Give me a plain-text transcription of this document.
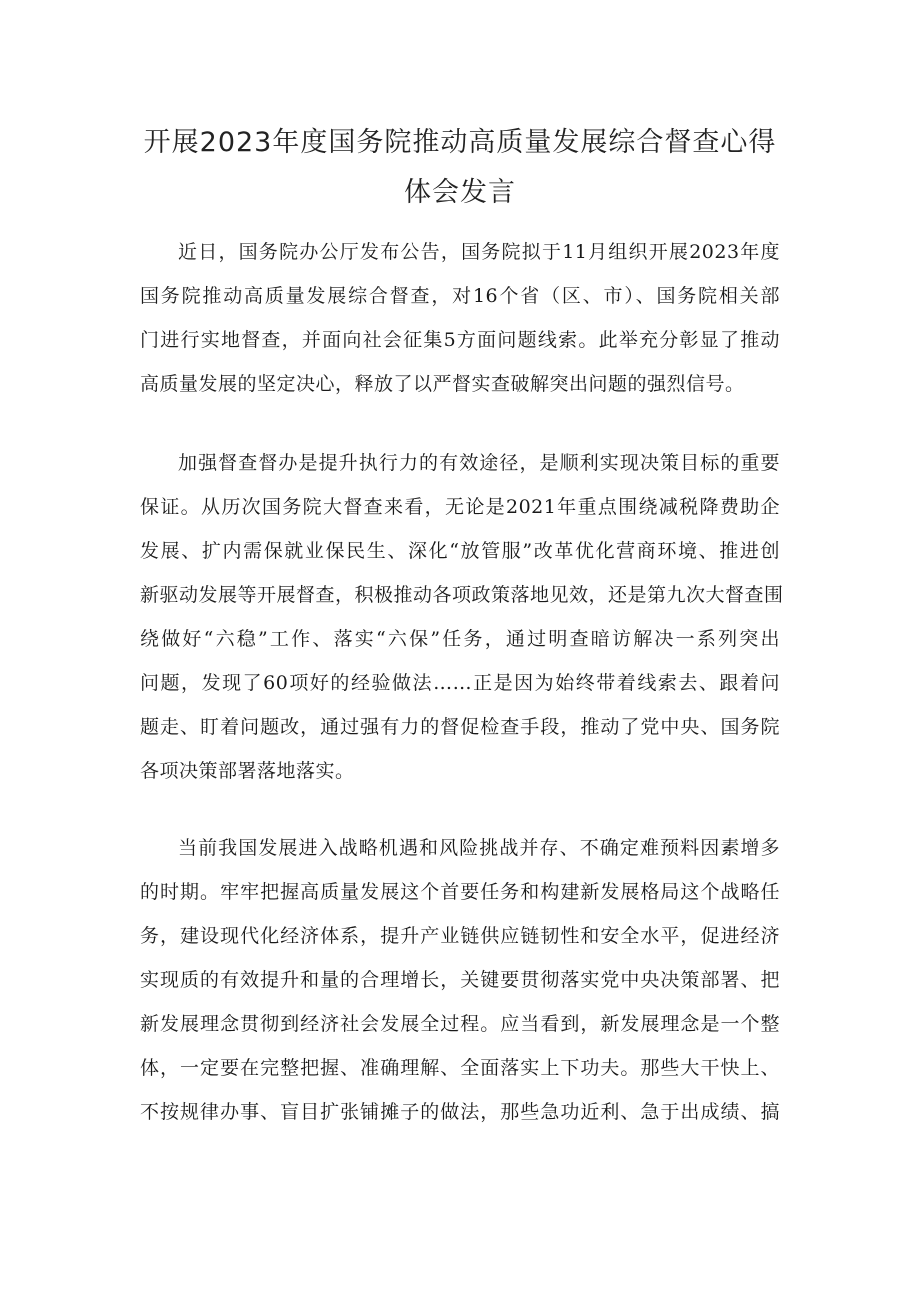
开展2023年度国务院推动高质量发展综合督查心得
体会发言
近日，国务院办公厅发布公告，国务院拟于11月组织开展2023年度
国务院推动高质量发展综合督查，对16个省（区、市）、国务院相关部
门进行实地督查，并面向社会征集5方面问题线索。此举充分彰显了推动
高质量发展的坚定决心，释放了以严督实查破解突出问题的强烈信号。
加强督查督办是提升执行力的有效途径，是顺利实现决策目标的重要
保证。从历次国务院大督查来看，无论是2021年重点围绕减税降费助企
发展、扩内需保就业保民生、深化“放管服”改革优化营商环境、推进创
新驱动发展等开展督查，积极推动各项政策落地见效，还是第九次大督查围
绕做好“六稳”工作、落实“六保”任务，通过明查暗访解决一系列突出
问题，发现了60项好的经验做法……正是因为始终带着线索去、跟着问
题走、盯着问题改，通过强有力的督促检查手段，推动了党中央、国务院
各项决策部署落地落实。
当前我国发展进入战略机遇和风险挑战并存、不确定难预料因素增多
的时期。牢牢把握高质量发展这个首要任务和构建新发展格局这个战略任
务，建设现代化经济体系，提升产业链供应链韧性和安全水平，促进经济
实现质的有效提升和量的合理增长，关键要贯彻落实党中央决策部署、把
新发展理念贯彻到经济社会发展全过程。应当看到，新发展理念是一个整
体，一定要在完整把握、准确理解、全面落实上下功夫。那些大干快上、
不按规律办事、盲目扩张铺摊子的做法，那些急功近利、急于出成绩、搞
